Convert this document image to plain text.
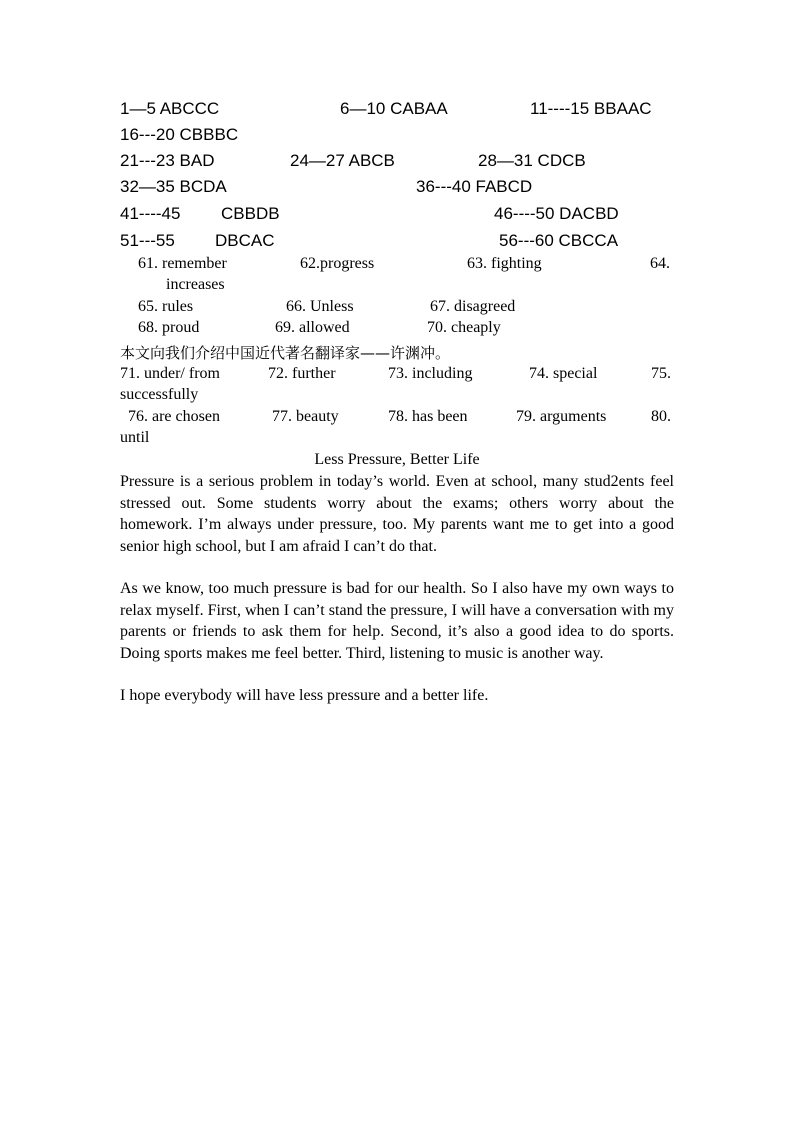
1—5 ABCCC	6—10 CABAA	11----15 BBAAC
16---20 CBBBC
21---23 BAD	24—27 ABCB	28—31 CDCB
32—35 BCDA	36---40 FABCD
41----45 CBBDB	46----50 DACBD
51---55 DBCAC	56---60 CBCCA
61. remember	62.progress	63. fighting	64.
increases
65. rules	66. Unless	67. disagreed
68. proud	69. allowed	70. cheaply
本文向我们介绍中国近代著名翻译家——许渊冲。
71. under/ from	72. further	73. including	74. special	75.
successfully
76. are chosen	77. beauty	78. has been	79. arguments	80.
until
Less Pressure, Better Life
Pressure is a serious problem in today’s world. Even at school, many stud2ents feel stressed out. Some students worry about the exams; others worry about the homework. I’m always under pressure, too. My parents want me to get into a good senior high school, but I am afraid I can’t do that.
As we know, too much pressure is bad for our health. So I also have my own ways to relax myself. First, when I can’t stand the pressure, I will have a conversation with my parents or friends to ask them for help. Second, it’s also a good idea to do sports. Doing sports makes me feel better. Third, listening to music is another way.
I hope everybody will have less pressure and a better life.
